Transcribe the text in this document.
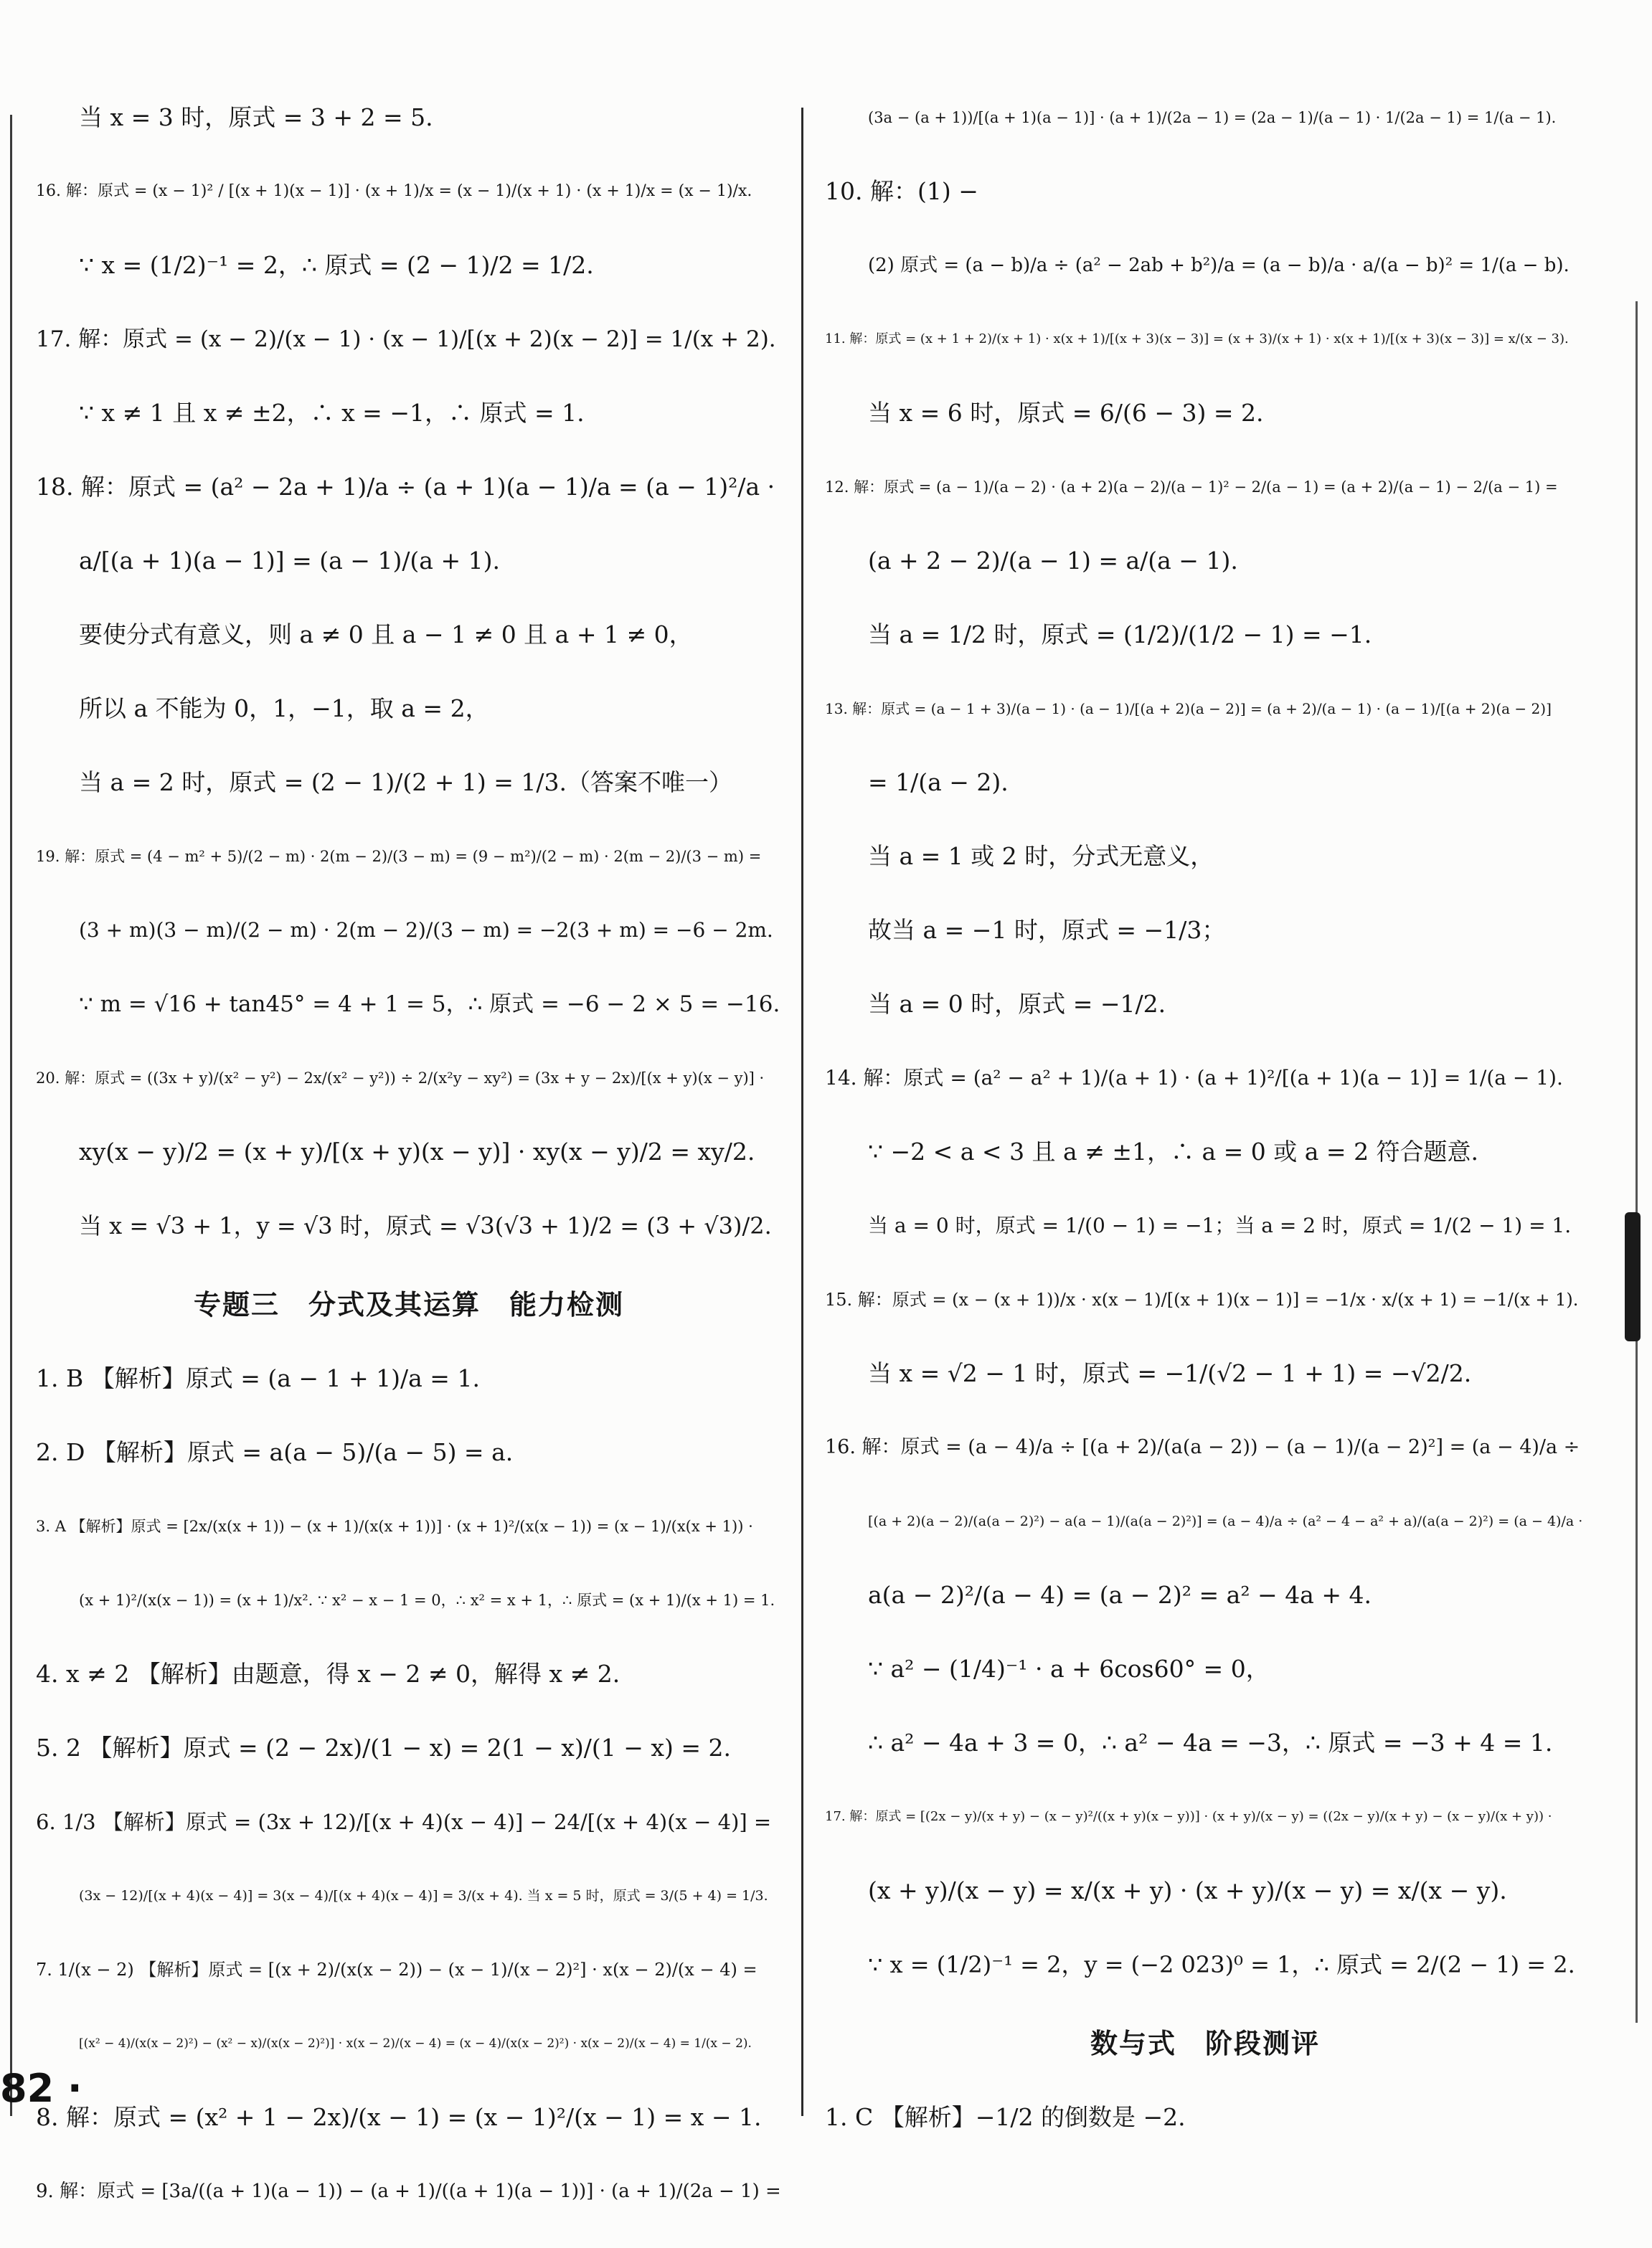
当 x = 3 时，原式 = 3 + 2 = 5.
16. 解：原式 = (x − 1)² / [(x + 1)(x − 1)] · (x + 1)/x = (x − 1)/(x + 1) · (x + 1)/x = (x − 1)/x.
∵ x = (1/2)⁻¹ = 2，∴ 原式 = (2 − 1)/2 = 1/2.
17. 解：原式 = (x − 2)/(x − 1) · (x − 1)/[(x + 2)(x − 2)] = 1/(x + 2).
∵ x ≠ 1 且 x ≠ ±2，∴ x = −1，∴ 原式 = 1.
18. 解：原式 = (a² − 2a + 1)/a ÷ (a + 1)(a − 1)/a = (a − 1)²/a ·
a/[(a + 1)(a − 1)] = (a − 1)/(a + 1).
要使分式有意义，则 a ≠ 0 且 a − 1 ≠ 0 且 a + 1 ≠ 0，
所以 a 不能为 0，1，−1，取 a = 2，
当 a = 2 时，原式 = (2 − 1)/(2 + 1) = 1/3.（答案不唯一）
19. 解：原式 = (4 − m² + 5)/(2 − m) · 2(m − 2)/(3 − m) = (9 − m²)/(2 − m) · 2(m − 2)/(3 − m) =
(3 + m)(3 − m)/(2 − m) · 2(m − 2)/(3 − m) = −2(3 + m) = −6 − 2m.
∵ m = √16 + tan45° = 4 + 1 = 5，∴ 原式 = −6 − 2 × 5 = −16.
20. 解：原式 = ((3x + y)/(x² − y²) − 2x/(x² − y²)) ÷ 2/(x²y − xy²) = (3x + y − 2x)/[(x + y)(x − y)] ·
xy(x − y)/2 = (x + y)/[(x + y)(x − y)] · xy(x − y)/2 = xy/2.
当 x = √3 + 1，y = √3 时，原式 = √3(√3 + 1)/2 = (3 + √3)/2.
专题三　分式及其运算　能力检测
1. B 【解析】原式 = (a − 1 + 1)/a = 1.
2. D 【解析】原式 = a(a − 5)/(a − 5) = a.
3. A 【解析】原式 = [2x/(x(x + 1)) − (x + 1)/(x(x + 1))] · (x + 1)²/(x(x − 1)) = (x − 1)/(x(x + 1)) ·
(x + 1)²/(x(x − 1)) = (x + 1)/x². ∵ x² − x − 1 = 0，∴ x² = x + 1，∴ 原式 = (x + 1)/(x + 1) = 1.
4. x ≠ 2 【解析】由题意，得 x − 2 ≠ 0，解得 x ≠ 2.
5. 2 【解析】原式 = (2 − 2x)/(1 − x) = 2(1 − x)/(1 − x) = 2.
6. 1/3 【解析】原式 = (3x + 12)/[(x + 4)(x − 4)] − 24/[(x + 4)(x − 4)] =
(3x − 12)/[(x + 4)(x − 4)] = 3(x − 4)/[(x + 4)(x − 4)] = 3/(x + 4). 当 x = 5 时，原式 = 3/(5 + 4) = 1/3.
7. 1/(x − 2) 【解析】原式 = [(x + 2)/(x(x − 2)) − (x − 1)/(x − 2)²] · x(x − 2)/(x − 4) =
[(x² − 4)/(x(x − 2)²) − (x² − x)/(x(x − 2)²)] · x(x − 2)/(x − 4) = (x − 4)/(x(x − 2)²) · x(x − 2)/(x − 4) = 1/(x − 2).
8. 解：原式 = (x² + 1 − 2x)/(x − 1) = (x − 1)²/(x − 1) = x − 1.
9. 解：原式 = [3a/((a + 1)(a − 1)) − (a + 1)/((a + 1)(a − 1))] · (a + 1)/(2a − 1) =
(3a − (a + 1))/[(a + 1)(a − 1)] · (a + 1)/(2a − 1) = (2a − 1)/(a − 1) · 1/(2a − 1) = 1/(a − 1).
10. 解：(1) −
(2) 原式 = (a − b)/a ÷ (a² − 2ab + b²)/a = (a − b)/a · a/(a − b)² = 1/(a − b).
11. 解：原式 = (x + 1 + 2)/(x + 1) · x(x + 1)/[(x + 3)(x − 3)] = (x + 3)/(x + 1) · x(x + 1)/[(x + 3)(x − 3)] = x/(x − 3).
当 x = 6 时，原式 = 6/(6 − 3) = 2.
12. 解：原式 = (a − 1)/(a − 2) · (a + 2)(a − 2)/(a − 1)² − 2/(a − 1) = (a + 2)/(a − 1) − 2/(a − 1) =
(a + 2 − 2)/(a − 1) = a/(a − 1).
当 a = 1/2 时，原式 = (1/2)/(1/2 − 1) = −1.
13. 解：原式 = (a − 1 + 3)/(a − 1) · (a − 1)/[(a + 2)(a − 2)] = (a + 2)/(a − 1) · (a − 1)/[(a + 2)(a − 2)]
= 1/(a − 2).
当 a = 1 或 2 时，分式无意义，
故当 a = −1 时，原式 = −1/3；
当 a = 0 时，原式 = −1/2.
14. 解：原式 = (a² − a² + 1)/(a + 1) · (a + 1)²/[(a + 1)(a − 1)] = 1/(a − 1).
∵ −2 < a < 3 且 a ≠ ±1，∴ a = 0 或 a = 2 符合题意.
当 a = 0 时，原式 = 1/(0 − 1) = −1；当 a = 2 时，原式 = 1/(2 − 1) = 1.
15. 解：原式 = (x − (x + 1))/x · x(x − 1)/[(x + 1)(x − 1)] = −1/x · x/(x + 1) = −1/(x + 1).
当 x = √2 − 1 时，原式 = −1/(√2 − 1 + 1) = −√2/2.
16. 解：原式 = (a − 4)/a ÷ [(a + 2)/(a(a − 2)) − (a − 1)/(a − 2)²] = (a − 4)/a ÷
[(a + 2)(a − 2)/(a(a − 2)²) − a(a − 1)/(a(a − 2)²)] = (a − 4)/a ÷ (a² − 4 − a² + a)/(a(a − 2)²) = (a − 4)/a ·
a(a − 2)²/(a − 4) = (a − 2)² = a² − 4a + 4.
∵ a² − (1/4)⁻¹ · a + 6cos60° = 0，
∴ a² − 4a + 3 = 0，∴ a² − 4a = −3，∴ 原式 = −3 + 4 = 1.
17. 解：原式 = [(2x − y)/(x + y) − (x − y)²/((x + y)(x − y))] · (x + y)/(x − y) = ((2x − y)/(x + y) − (x − y)/(x + y)) ·
(x + y)/(x − y) = x/(x + y) · (x + y)/(x − y) = x/(x − y).
∵ x = (1/2)⁻¹ = 2，y = (−2 023)⁰ = 1，∴ 原式 = 2/(2 − 1) = 2.
数与式　阶段测评
1. C 【解析】−1/2 的倒数是 −2.
82 ·
